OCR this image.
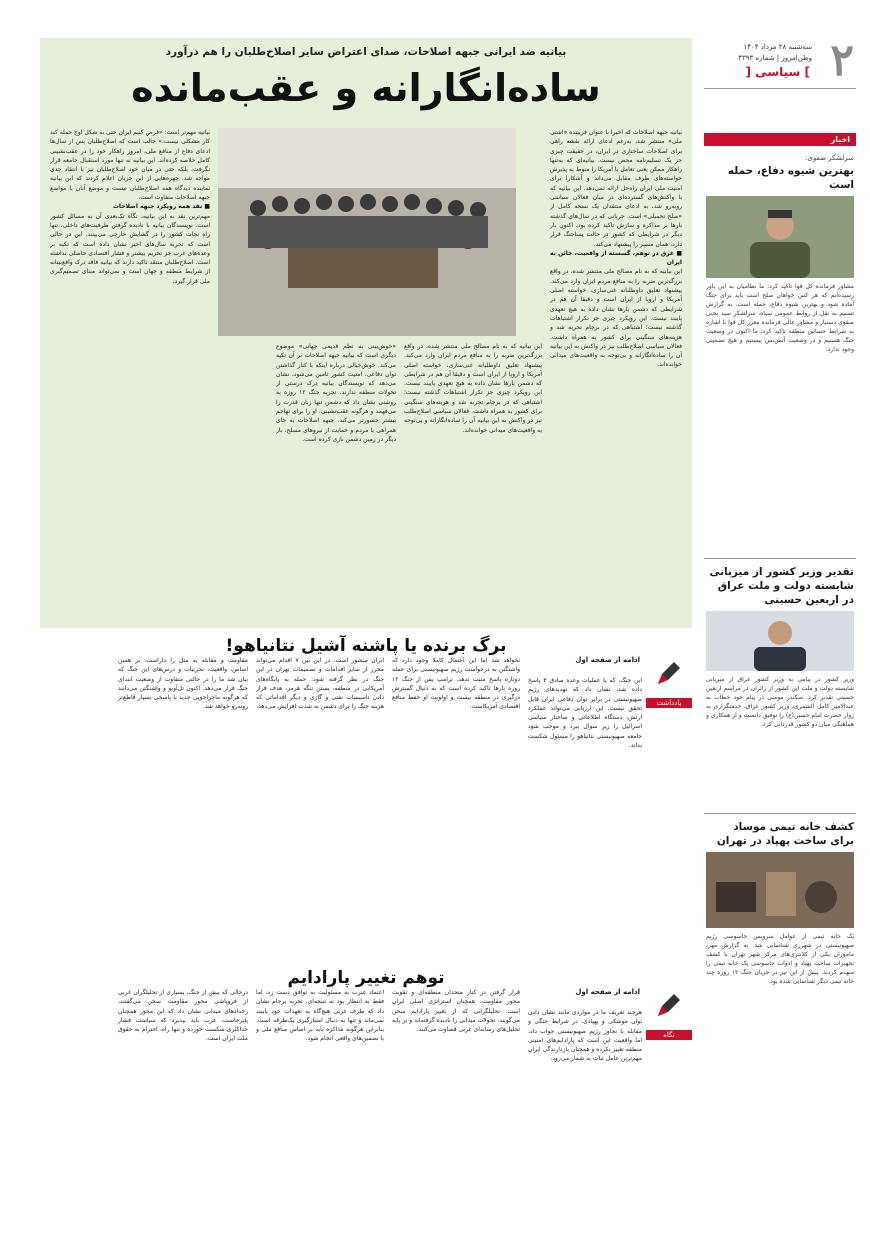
۲
سه‌شنبه ۲۸ مرداد ۱۴۰۴
وطن‌امروز | شماره ۴۳۹۳
] سیاسی [
اخبار
سرلشکر صفوی:
بهترین شیوه دفاع، حمله است
مشاور فرمانده کل قوا تاکید کرد: ما نظامیان به این باور رسیده‌ایم که هر کس خواهان صلح است باید برای جنگ آماده شود و بهترین شیوه دفاع، حمله است. به گزارش تسنیم به نقل از روابط عمومی سپاه، سرلشکر سید یحیی صفوی دستیار و مشاور عالی فرمانده معزز کل قوا با اشاره به شرایط حساس منطقه تاکید کرد: ما اکنون در وضعیت جنگ هستیم و در وضعیت آتش‌بس نیستیم و هیچ تضمینی وجود ندارد.
تقدیر وزیر کشور از میزبانی شایسته دولت و ملت عراق در اربعین حسینی
وزیر کشور در پیامی به وزیر کشور عراق از میزبانی شایسته دولت و ملت این کشور از زائران در مراسم اربعین حسینی تقدیر کرد. سکندر مومنی در پیام خود خطاب به عبدالامیر کامل الشمری، وزیر کشور عراق، خدمتگزاری به زوار حضرت امام حسین(ع) را توفیق دانست و از همکاری و هماهنگی میان دو کشور قدردانی کرد.
کشف خانه تیمی موساد برای ساخت پهپاد در تهران
یک خانه تیمی از عوامل سرویس جاسوسی رژیم صهیونیستی در شهرری شناسایی شد. به گزارش مهر، ماموران یکی از کلانتری‌های مرکز شهر تهران با کشف تجهیزات ساخت پهپاد و ادوات جاسوسی یک خانه تیمی را منهدم کردند. پیش از این نیز در جریان جنگ ۱۲ روزه چند خانه تیمی دیگر شناسایی شده بود.
بیانیه ضد ایرانی جبهه اصلاحات، صدای اعتراض سایر اصلاح‌طلبان را هم درآورد
ساده‌انگارانه و عقب‌مانده
بیانیه جبهه اصلاحات که اخیرا با عنوان فریبنده «اشتی ملی» منتشر شد، به‌رغم ادعای ارائه نقشه راهی برای اصلاحات ساختاری در ایران، در حقیقت چیزی جز یک تسلیم‌نامه محض نیست. بیانیه‌ای که به‌تنها راهکار ممکن یعنی تعامل با آمریکا را منوط به پذیرش خواسته‌های طرف مقابل می‌داند و آشکارا برای امنیت ملی ایران راه‌حل ارائه نمی‌دهد. این بیانیه که با واکنش‌های گسترده‌ای در میان فعالان سیاسی روبه‌رو شد، به ادعای منتقدان یک نسخه کامل از «صلح تحمیلی» است. جریانی که در سال‌های گذشته بارها بر مذاکره و سازش تاکید کرده بود، اکنون بار دیگر در شرایطی که کشور در حالت پساجنگ قرار دارد، همان مسیر را پیشنهاد می‌کند.
■ غرق در توهم، گسسته از واقعیت، خائن به ایران
این بیانیه که به نام مصالح ملی منتشر شده، در واقع بزرگ‌ترین ضربه را به منافع مردم ایران وارد می‌کند. پیشنهاد تعلیق داوطلبانه غنی‌سازی، خواسته اصلی آمریکا و اروپا از ایران است و دقیقا آن هم در شرایطی که دشمن بارها نشان داده به هیچ تعهدی پایبند نیست. این رویکرد چیزی جز تکرار اشتباهات گذشته نیست؛ اشتباهی که در برجام تجربه شد و هزینه‌های سنگینی برای کشور به همراه داشت. فعالان سیاسی اصلاح‌طلب نیز در واکنش به این بیانیه آن را ساده‌انگارانه و بی‌توجه به واقعیت‌های میدانی خوانده‌اند.
این بیانیه که به نام مصالح ملی منتشر شده، در واقع بزرگ‌ترین ضربه را به منافع مردم ایران وارد می‌کند. پیشنهاد تعلیق داوطلبانه غنی‌سازی، خواسته اصلی آمریکا و اروپا از ایران است و دقیقا آن هم در شرایطی که دشمن بارها نشان داده به هیچ تعهدی پایبند نیست. این رویکرد چیزی جز تکرار اشتباهات گذشته نیست؛ اشتباهی که در برجام تجربه شد و هزینه‌های سنگینی برای کشور به همراه داشت. فعالان سیاسی اصلاح‌طلب نیز در واکنش به این بیانیه آن را ساده‌انگارانه و بی‌توجه به واقعیت‌های میدانی خوانده‌اند.
«خوش‌بینی به نظم قدیمی جهانی» موضوع دیگری است که بیانیه جبهه اصلاحات بر آن تکیه می‌کند. خوش‌خیالی درباره اینکه با کنار گذاشتن توان دفاعی، امنیت کشور تامین می‌شود، نشان می‌دهد که نویسندگان بیانیه درک درستی از تحولات منطقه ندارند. تجربه جنگ ۱۲ روزه به روشنی نشان داد که دشمن تنها زبان قدرت را می‌فهمد و هرگونه عقب‌نشینی، او را برای تهاجم بیشتر جسورتر می‌کند. جبهه اصلاحات به جای همراهی با مردم و حمایت از نیروهای مسلح، بار دیگر در زمین دشمن بازی کرده است.
بیانیه مهم‌تر است: «فرض کنیم ایران حتی به شکل اوج حمله کند کار مشکلی نیست.» جالب است که اصلاح‌طلبان پس از سال‌ها ادعای دفاع از منافع ملی، امروز راهکار خود را در عقب‌نشینی کامل خلاصه کرده‌اند. این بیانیه نه تنها مورد استقبال جامعه قرار نگرفت، بلکه حتی در میان خود اصلاح‌طلبان نیز با انتقاد جدی مواجه شد. چهره‌هایی از این جریان اعلام کردند که این بیانیه نماینده دیدگاه همه اصلاح‌طلبان نیست و موضع آنان با مواضع جبهه اصلاحات متفاوت است.
■ نقد همه رویکرد جبهه اصلاحات
مهم‌ترین نقد به این بیانیه، نگاه تک‌بعدی آن به مسائل کشور است. نویسندگان بیانیه با نادیده گرفتن ظرفیت‌های داخلی، تنها راه نجات کشور را در گشایش خارجی می‌بینند. این در حالی است که تجربه سال‌های اخیر نشان داده است که تکیه بر وعده‌های غرب جز تحریم بیشتر و فشار اقتصادی حاصلی نداشته است. اصلاح‌طلبان منتقد تاکید دارند که بیانیه فاقد درک واقع‌بینانه از شرایط منطقه و جهان است و نمی‌تواند مبنای تصمیم‌گیری ملی قرار گیرد.
برگ برنده یا پاشنه آشیل نتانیاهو!
یادداشت
ادامه از صفحه اول
این جنگ، که با عملیات وعده صادق ۳ پاسخ داده شد، نشان داد که تهدید‌های رژیم صهیونیستی در برابر توان دفاعی ایران قابل تحقق نیست. این ارزیابی می‌تواند عملکرد ارتش، دستگاه اطلاعاتی و ساختار سیاسی اسرائیل را زیر سوال ببرد و موجب شود جامعه صهیونیستی نتانیاهو را مسئول شکست بداند.
نخواهد شد اما این احتمال کاملا وجود دارد که واشنگتن به درخواست رژیم صهیونیستی برای حمله دوباره پاسخ مثبت ندهد. ترامپ پس از جنگ ۱۲ روزه بارها تاکید کرده است که به دنبال گسترش درگیری در منطقه نیست و اولویت او حفظ منافع اقتصادی آمریکاست.
ایران منشور است. در این بین ۷ اقدام می‌تواند محرز از سایر اقدامات و تصمیمات تهران در این جنگ در نظر گرفته شود: حمله به پایگاه‌های آمریکایی در منطقه، بستن تنگه هرمز، هدف قرار دادن تاسیسات نفتی و گازی و دیگر اقداماتی که هزینه جنگ را برای دشمن به شدت افزایش می‌دهد.
مقاومت و مقابله به مثل را داراست. بر همین اساس، واقعیت، تجربیات و درس‌های این جنگ که بیان شد ما را در حالتی متفاوت از وضعیت ابتدای جنگ قرار می‌دهد. اکنون تل‌آویو و واشنگتن می‌دانند که هرگونه ماجراجویی جدید با پاسخی بسیار قاطع‌تر روبه‌رو خواهد شد.
توهم تغییر پارادایم
نگاه
ادامه از صفحه اول
هرچند تعریف ما در مواردی مانند نشان دادن توان موشکی و پهپادی، در شرایط جنگی و مقابله با تجاوز رژیم صهیونیستی جواب داد، اما واقعیت این است که پارادایم‌های امنیتی منطقه تغییر نکرده و همچنان بازدارندگی ایران مهم‌ترین عامل ثبات به شمار می‌رود.
قرار گرفتن در کنار متحدان منطقه‌ای و تقویت محور مقاومت، همچنان استراتژی اصلی ایران است. تحلیلگرانی که از تغییر پارادایم سخن می‌گویند، تحولات میدانی را نادیده گرفته‌اند و بر پایه تحلیل‌های رسانه‌ای غربی قضاوت می‌کنند.
اعتماد غیرب به مسئولیت به توافق دست زد. اما فقط به انتظار بود نه نتیجه‌ای. تجربه برجام نشان داد که طرف غربی هیچ‌گاه به تعهدات خود پایبند نمی‌ماند و تنها به دنبال امتیازگیری یک‌طرفه است. بنابراین هرگونه مذاکره باید بر اساس منافع ملی و با تضمین‌های واقعی انجام شود.
درحالی که پیش از جنگ، بسیاری از تحلیلگران غربی از فروپاشی محور مقاومت سخن می‌گفتند، رخدادهای میدانی نشان داد که این محور همچنان پابرجاست. غرب باید بپذیرد که سیاست فشار حداکثری شکست خورده و تنها راه، احترام به حقوق ملت ایران است.
